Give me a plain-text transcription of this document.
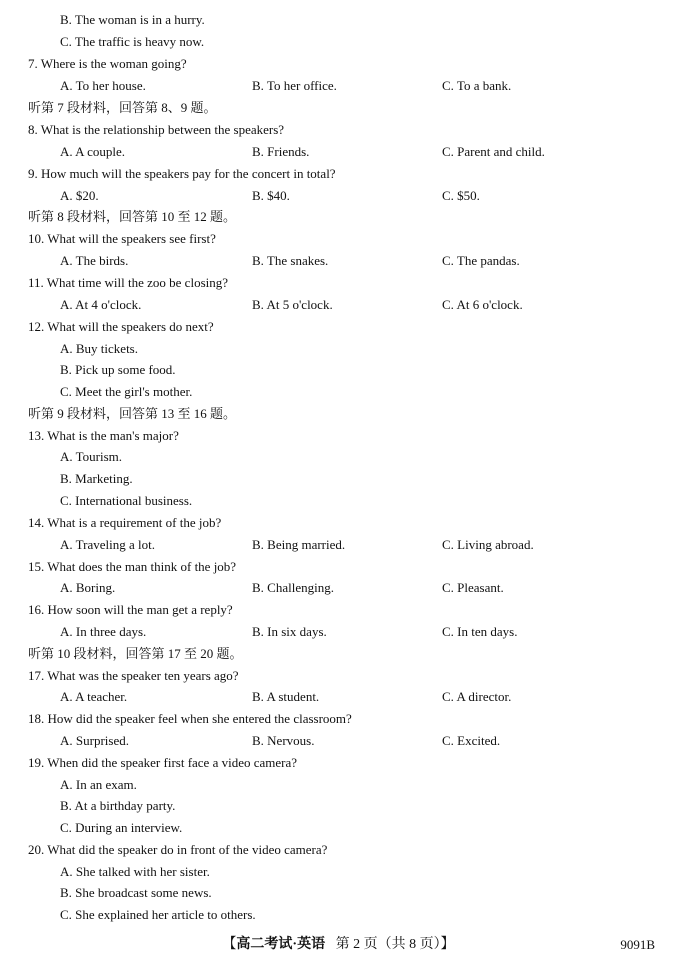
B. The woman is in a hurry.
C. The traffic is heavy now.
7. Where is the woman going?
A. To her house.	B. To her office.	C. To a bank.
听第 7 段材料，回答第 8、9 题。
8. What is the relationship between the speakers?
A. A couple.	B. Friends.	C. Parent and child.
9. How much will the speakers pay for the concert in total?
A. $20.	B. $40.	C. $50.
听第 8 段材料，回答第 10 至 12 题。
10. What will the speakers see first?
A. The birds.	B. The snakes.	C. The pandas.
11. What time will the zoo be closing?
A. At 4 o'clock.	B. At 5 o'clock.	C. At 6 o'clock.
12. What will the speakers do next?
A. Buy tickets.
B. Pick up some food.
C. Meet the girl's mother.
听第 9 段材料，回答第 13 至 16 题。
13. What is the man's major?
A. Tourism.
B. Marketing.
C. International business.
14. What is a requirement of the job?
A. Traveling a lot.	B. Being married.	C. Living abroad.
15. What does the man think of the job?
A. Boring.	B. Challenging.	C. Pleasant.
16. How soon will the man get a reply?
A. In three days.	B. In six days.	C. In ten days.
听第 10 段材料，回答第 17 至 20 题。
17. What was the speaker ten years ago?
A. A teacher.	B. A student.	C. A director.
18. How did the speaker feel when she entered the classroom?
A. Surprised.	B. Nervous.	C. Excited.
19. When did the speaker first face a video camera?
A. In an exam.
B. At a birthday party.
C. During an interview.
20. What did the speaker do in front of the video camera?
A. She talked with her sister.
B. She broadcast some news.
C. She explained her article to others.
【高二考试·英语 第 2 页（共 8 页）】	9091B
